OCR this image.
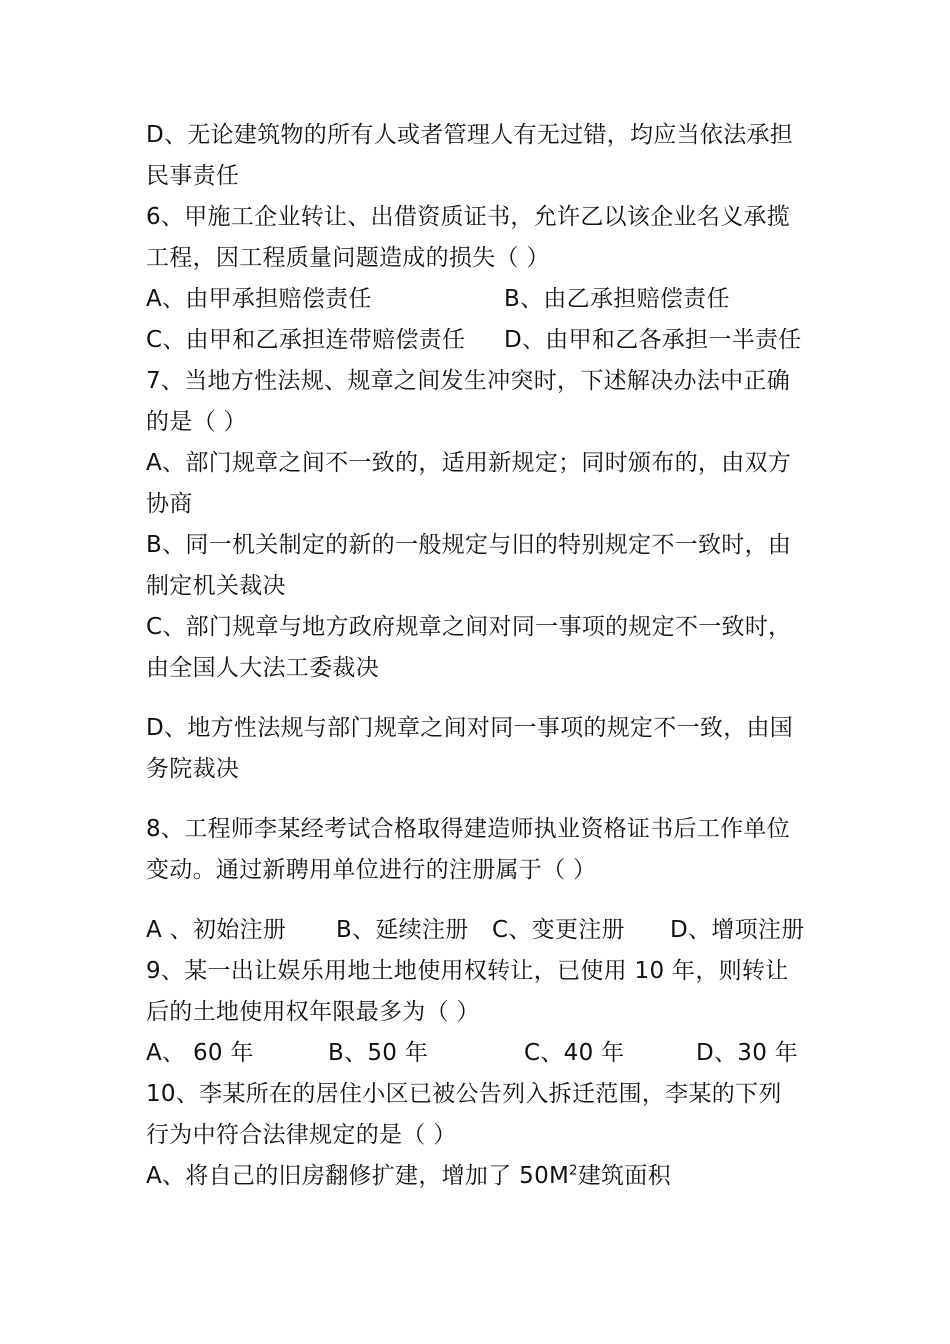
D、无论建筑物的所有人或者管理人有无过错，均应当依法承担
民事责任
6、甲施工企业转让、出借资质证书，允许乙以该企业名义承揽
工程，因工程质量问题造成的损失（ ）
A、由甲承担赔偿责任	B、由乙承担赔偿责任
C、由甲和乙承担连带赔偿责任 D、由甲和乙各承担一半责任
7、当地方性法规、规章之间发生冲突时，下述解决办法中正确
的是（ ）
A、部门规章之间不一致的，适用新规定；同时颁布的，由双方
协商
B、同一机关制定的新的一般规定与旧的特别规定不一致时，由
制定机关裁决
C、部门规章与地方政府规章之间对同一事项的规定不一致时，
由全国人大法工委裁决
D、地方性法规与部门规章之间对同一事项的规定不一致，由国
务院裁决
8、工程师李某经考试合格取得建造师执业资格证书后工作单位
变动。通过新聘用单位进行的注册属于（ ）
A 、初始注册 B、延续注册 C、变更注册 D、增项注册
9、某一出让娱乐用地土地使用权转让，已使用 10 年，则转让
后的土地使用权年限最多为（ ）
A、 60 年	B、50 年	C、40 年	D、30 年
10、李某所在的居住小区已被公告列入拆迁范围，李某的下列
行为中符合法律规定的是（ ）
A、将自己的旧房翻修扩建，增加了 $50M^2$建筑面积
